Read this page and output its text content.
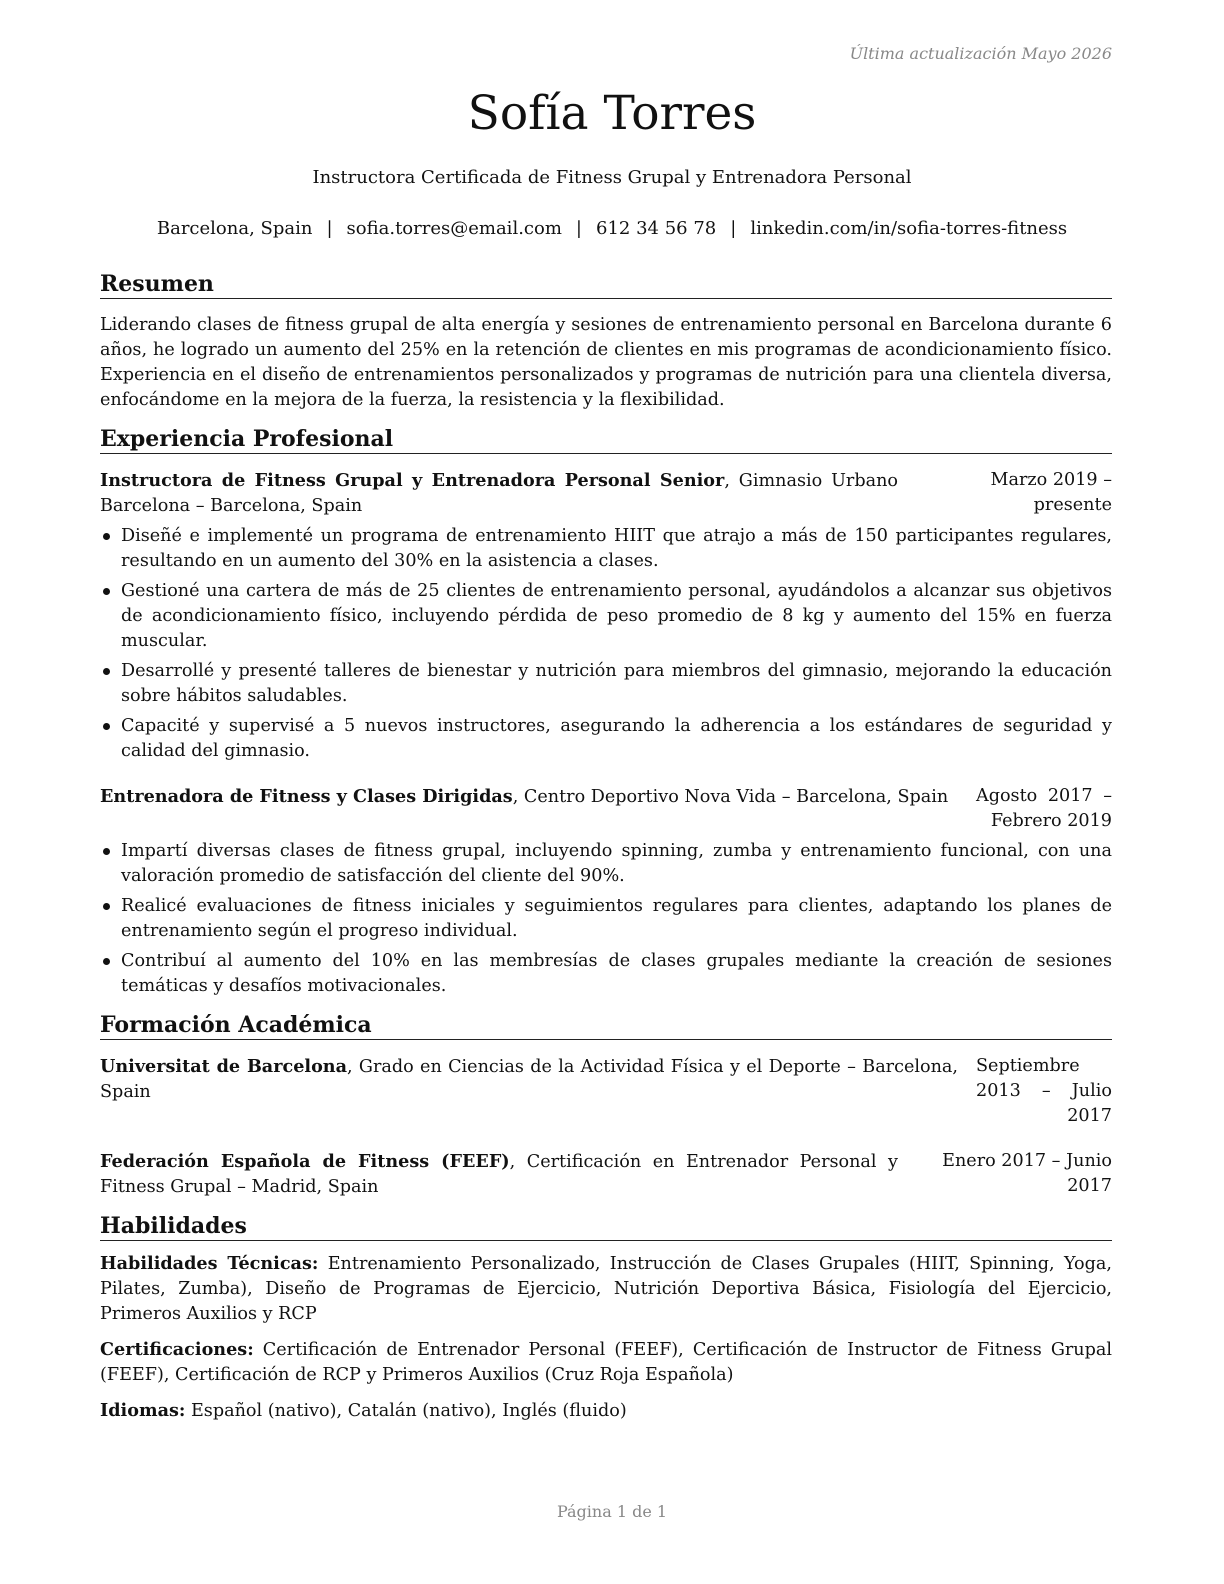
Última actualización Mayo 2026
Sofía Torres
Instructora Certificada de Fitness Grupal y Entrenadora Personal
Barcelona, Spain | sofia.torres@email.com | 612 34 56 78 | linkedin.com/in/sofia-torres-fitness
Resumen
Liderando clases de fitness grupal de alta energía y sesiones de entrenamiento personal en Barcelona durante 6 años, he logrado un aumento del 25% en la retención de clientes en mis programas de acondicionamiento físico. Experiencia en el diseño de entrenamientos personalizados y programas de nutrición para una clientela diversa, enfocándome en la mejora de la fuerza, la resistencia y la flexibilidad.
Experiencia Profesional
Instructora de Fitness Grupal y Entrenadora Personal Senior, Gimnasio Urbano Barcelona – Barcelona, Spain
Marzo 2019 – presente
Diseñé e implementé un programa de entrenamiento HIIT que atrajo a más de 150 participantes regulares, resultando en un aumento del 30% en la asistencia a clases.
Gestioné una cartera de más de 25 clientes de entrenamiento personal, ayudándolos a alcanzar sus objetivos de acondicionamiento físico, incluyendo pérdida de peso promedio de 8 kg y aumento del 15% en fuerza muscular.
Desarrollé y presenté talleres de bienestar y nutrición para miembros del gimnasio, mejorando la educación sobre hábitos saludables.
Capacité y supervisé a 5 nuevos instructores, asegurando la adherencia a los estándares de seguridad y calidad del gimnasio.
Entrenadora de Fitness y Clases Dirigidas, Centro Deportivo Nova Vida – Barcelona, Spain	Agosto 2017 – Febrero 2019
Impartí diversas clases de fitness grupal, incluyendo spinning, zumba y entrenamiento funcional, con una valoración promedio de satisfacción del cliente del 90%.
Realicé evaluaciones de fitness iniciales y seguimientos regulares para clientes, adaptando los planes de entrenamiento según el progreso individual.
Contribuí al aumento del 10% en las membresías de clases grupales mediante la creación de sesiones temáticas y desafíos motivacionales.
Formación Académica
Universitat de Barcelona, Grado en Ciencias de la Actividad Física y el Deporte – Barcelona, Spain
Septiembre 2013 – Julio 2017
Federación Española de Fitness (FEEF), Certificación en Entrenador Personal y Fitness Grupal – Madrid, Spain
Enero 2017 – Junio 2017
Habilidades
Habilidades Técnicas: Entrenamiento Personalizado, Instrucción de Clases Grupales (HIIT, Spinning, Yoga, Pilates, Zumba), Diseño de Programas de Ejercicio, Nutrición Deportiva Básica, Fisiología del Ejercicio, Primeros Auxilios y RCP
Certificaciones: Certificación de Entrenador Personal (FEEF), Certificación de Instructor de Fitness Grupal (FEEF), Certificación de RCP y Primeros Auxilios (Cruz Roja Española)
Idiomas: Español (nativo), Catalán (nativo), Inglés (fluido)
Página 1 de 1
